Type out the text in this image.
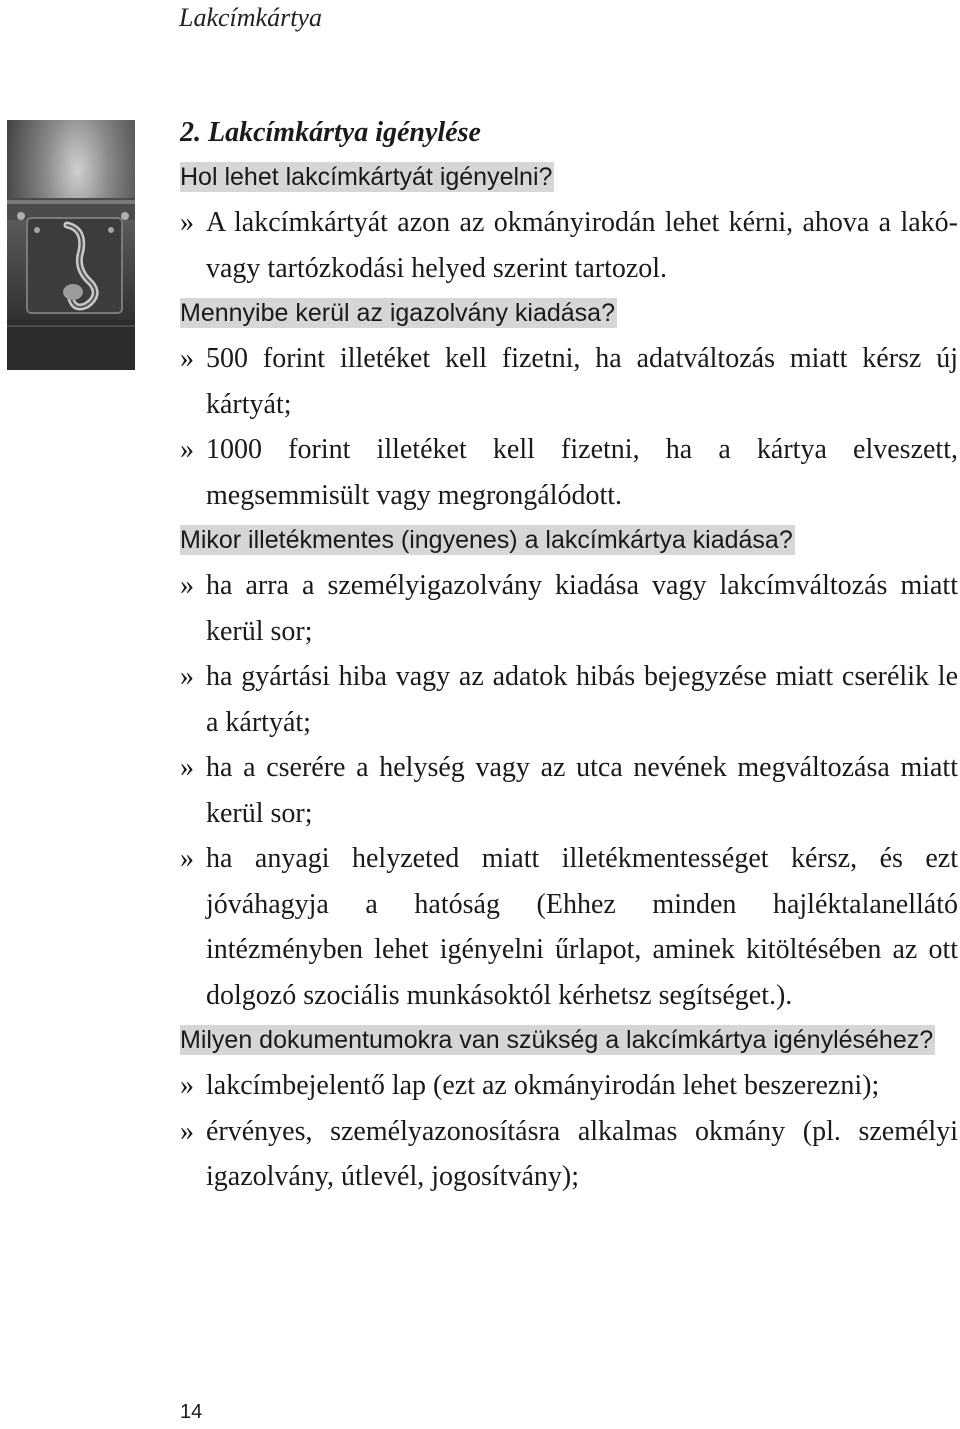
Lakcímkártya
2. Lakcímkártya igénylése

Hol lehet lakcímkártyát igényelni?

» A lakcímkártyát azon az okmányirodán lehet kérni, ahova a lakó- vagy tartózkodási helyed szerint tartozol.

Mennyibe kerül az igazolvány kiadása?

» 500 forint illetéket kell fizetni, ha adatváltozás miatt kérsz új kártyát;

» 1000 forint illetéket kell fizetni, ha a kártya elveszett, megsemmisült vagy megrongálódott.

Mikor illetékmentes (ingyenes) a lakcímkártya kiadása?

» ha arra a személyigazolvány kiadása vagy lakcímváltozás miatt kerül sor;

» ha gyártási hiba vagy az adatok hibás bejegyzése miatt cserélik le a kártyát;

» ha a cserére a helység vagy az utca nevének megváltozása miatt kerül sor;

» ha anyagi helyzeted miatt illetékmentességet kérsz, és ezt jóváhagyja a hatóság (Ehhez minden hajléktalanellátó intézményben lehet igényelni űrlapot, aminek kitöltésében az ott dolgozó szociális munkásoktól kérhetsz segítséget.).

Milyen dokumentumokra van szükség a lakcímkártya igényléséhez?

» lakcímbejelentő lap (ezt az okmányirodán lehet beszerezni);

» érvényes, személyazonosításra alkalmas okmány (pl. személyi igazolvány, útlevél, jogosítvány);

14
